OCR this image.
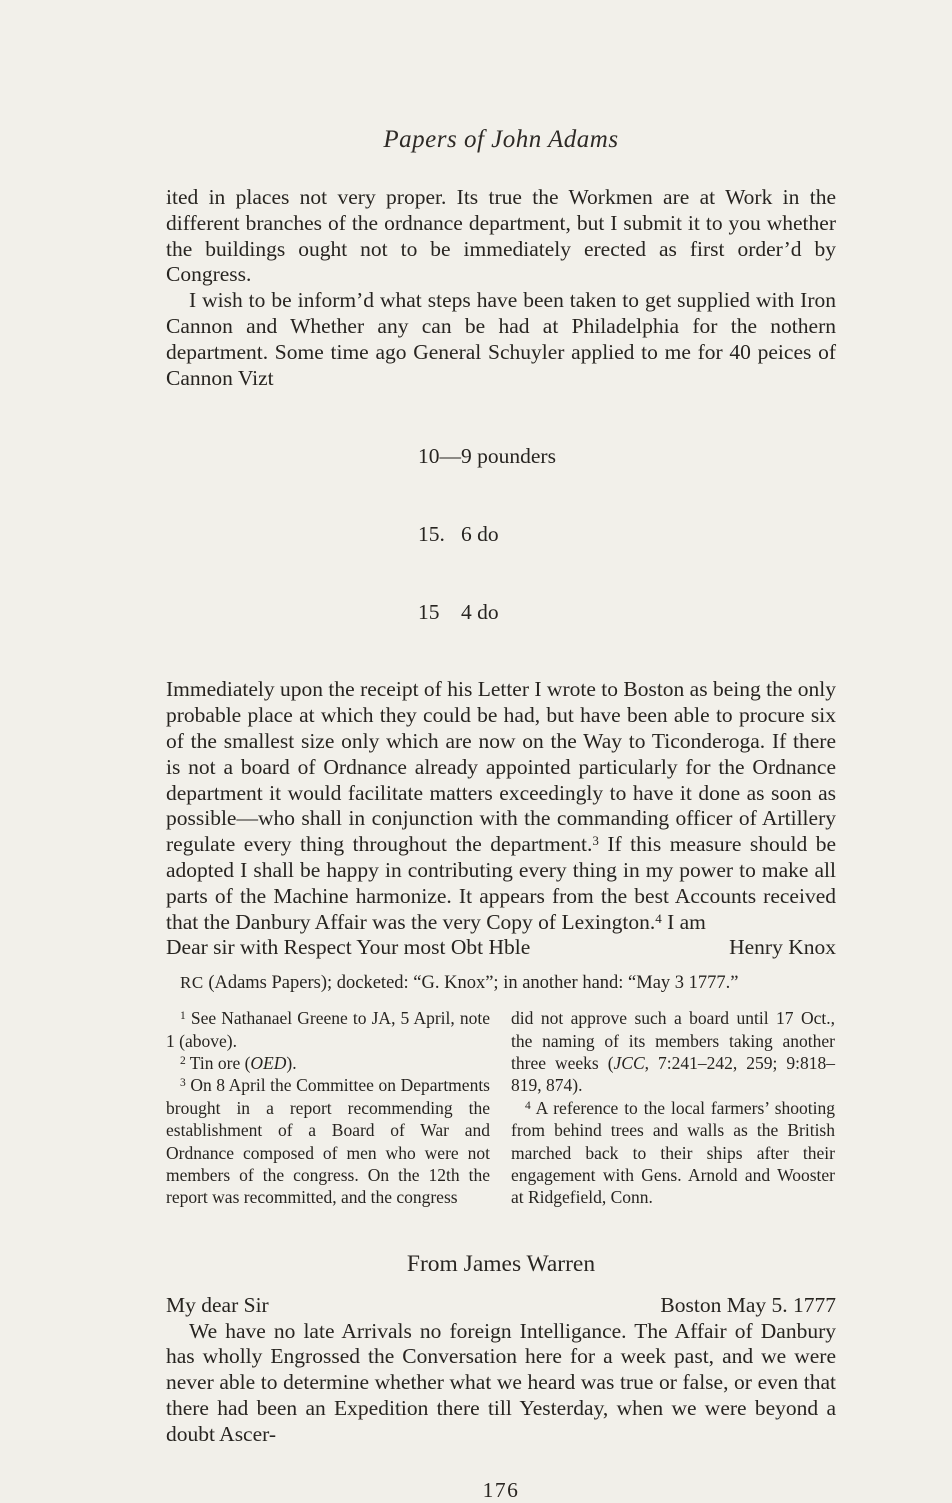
Papers of John Adams

ited in places not very proper. Its true the Workmen are at Work in the different branches of the ordnance department, but I submit it to you whether the buildings ought not to be immediately erected as first order’d by Congress.

I wish to be inform’d what steps have been taken to get supplied with Iron Cannon and Whether any can be had at Philadelphia for the nothern department. Some time ago General Schuyler applied to me for 40 peices of Cannon Vizt

10—9 pounders

15.   6 do

15    4 do

Immediately upon the receipt of his Letter I wrote to Boston as being the only probable place at which they could be had, but have been able to procure six of the smallest size only which are now on the Way to Ticonderoga. If there is not a board of Ordnance already appointed particularly for the Ordnance department it would facilitate matters exceedingly to have it done as soon as possible—who shall in conjunction with the commanding officer of Artillery regulate every thing throughout the department.$^3$ If this measure should be adopted I shall be happy in contributing every thing in my power to make all parts of the Machine harmonize. It appears from the best Accounts received that the Danbury Affair was the very Copy of Lexington.$^4$ I am

Dear sir with Respect Your most Obt Hble	Henry Knox
RC (Adams Papers); docketed: “G. Knox”; in another hand: “May 3 1777.”

$^1$ See Nathanael Greene to JA, 5 April, note 1 (above).

$^2$ Tin ore (OED).

$^3$ On 8 April the Committee on Departments brought in a report recommending the establishment of a Board of War and Ordnance composed of men who were not members of the congress. On the 12th the report was recommitted, and the congress

did not approve such a board until 17 Oct., the naming of its members taking another three weeks (JCC, 7:241–242, 259; 9:818–819, 874).

$^4$ A reference to the local farmers’ shooting from behind trees and walls as the British marched back to their ships after their engagement with Gens. Arnold and Wooster at Ridgefield, Conn.

From James Warren
My dear Sir	Boston May 5. 1777

We have no late Arrivals no foreign Intelligance. The Affair of Danbury has wholly Engrossed the Conversation here for a week past, and we were never able to determine whether what we heard was true or false, or even that there had been an Expedition there till Yesterday, when we were beyond a doubt Ascer-

176
